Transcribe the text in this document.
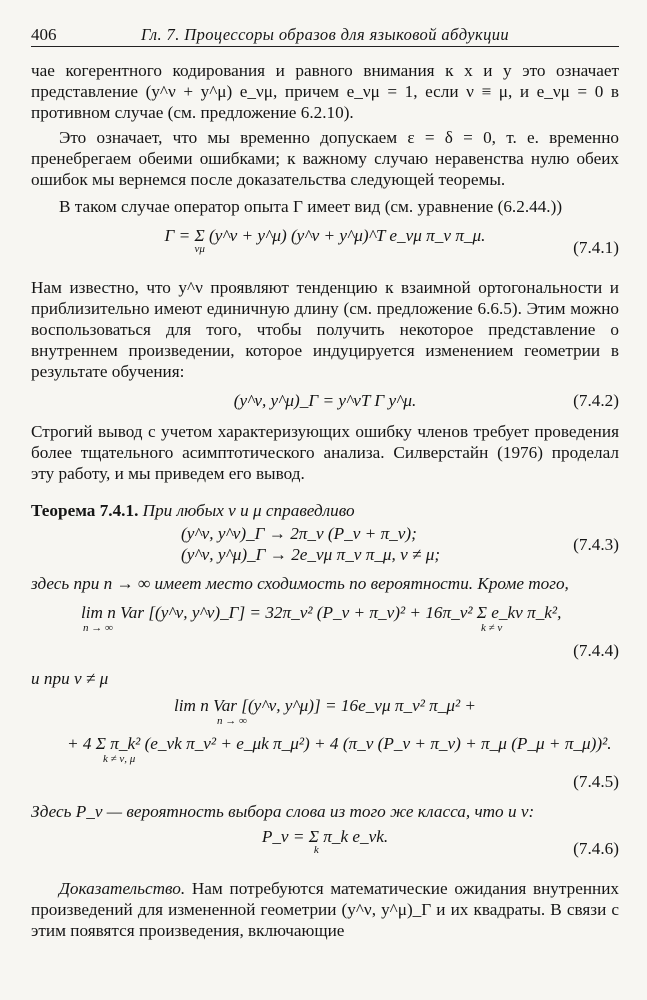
406	Гл. 7. Процессоры образов для языковой абдукции

чае когерентного кодирования и равного внимания к x и y это означает представление (y^ν + y^μ) e_νμ, причем e_νμ = 1, если ν ≡ μ, и e_νμ = 0 в противном случае (см. предложение 6.2.10).

Это означает, что мы временно допускаем ε = δ = 0, т. е. временно пренебрегаем обеими ошибками; к важному случаю неравенства нулю обеих ошибок мы вернемся после доказательства следующей теоремы.

В таком случае оператор опыта Γ имеет вид (см. уравнение (6.2.44.))

Γ = Σ (y^ν + y^μ) (y^ν + y^μ)^T e_νμ π_ν π_μ.
νμ	(7.4.1)

Нам известно, что y^ν проявляют тенденцию к взаимной ортогональности и приблизительно имеют единичную длину (см. предложение 6.6.5). Этим можно воспользоваться для того, чтобы получить некоторое представление о внутреннем произведении, которое индуцируется изменением геометрии в результате обучения:

(y^ν, y^μ)_Γ = y^νT Γ y^μ.	(7.4.2)

Строгий вывод с учетом характеризующих ошибку членов требует проведения более тщательного асимптотического анализа. Силверстайн (1976) проделал эту работу, и мы приведем его вывод.

Теорема 7.4.1. При любых ν и μ справедливо

(y^ν, y^ν)_Γ → 2π_ν (P_ν + π_ν);
(y^ν, y^μ)_Γ → 2e_νμ π_ν π_μ, ν ≠ μ;
(7.4.3)

здесь при n → ∞ имеет место сходимость по вероятности. Кроме того,

lim n Var [(y^ν, y^ν)_Γ] = 32π_ν² (P_ν + π_ν)² + 16π_ν² Σ e_kν π_k²,
n → ∞	k ≠ ν
(7.4.4)

и при ν ≠ μ

lim n Var [(y^ν, y^μ)] = 16e_νμ π_ν² π_μ² +
n → ∞
+ 4 Σ π_k² (e_νk π_ν² + e_μk π_μ²) + 4 (π_ν (P_ν + π_ν) + π_μ (P_μ + π_μ))².
k ≠ ν, μ
(7.4.5)

Здесь P_ν — вероятность выбора слова из того же класса, что и ν:

P_ν = Σ π_k e_νk.
k	(7.4.6)

Доказательство. Нам потребуются математические ожидания внутренних произведений для измененной геометрии (y^ν, y^μ)_Γ и их квадраты. В связи с этим появятся произведения, включающие
